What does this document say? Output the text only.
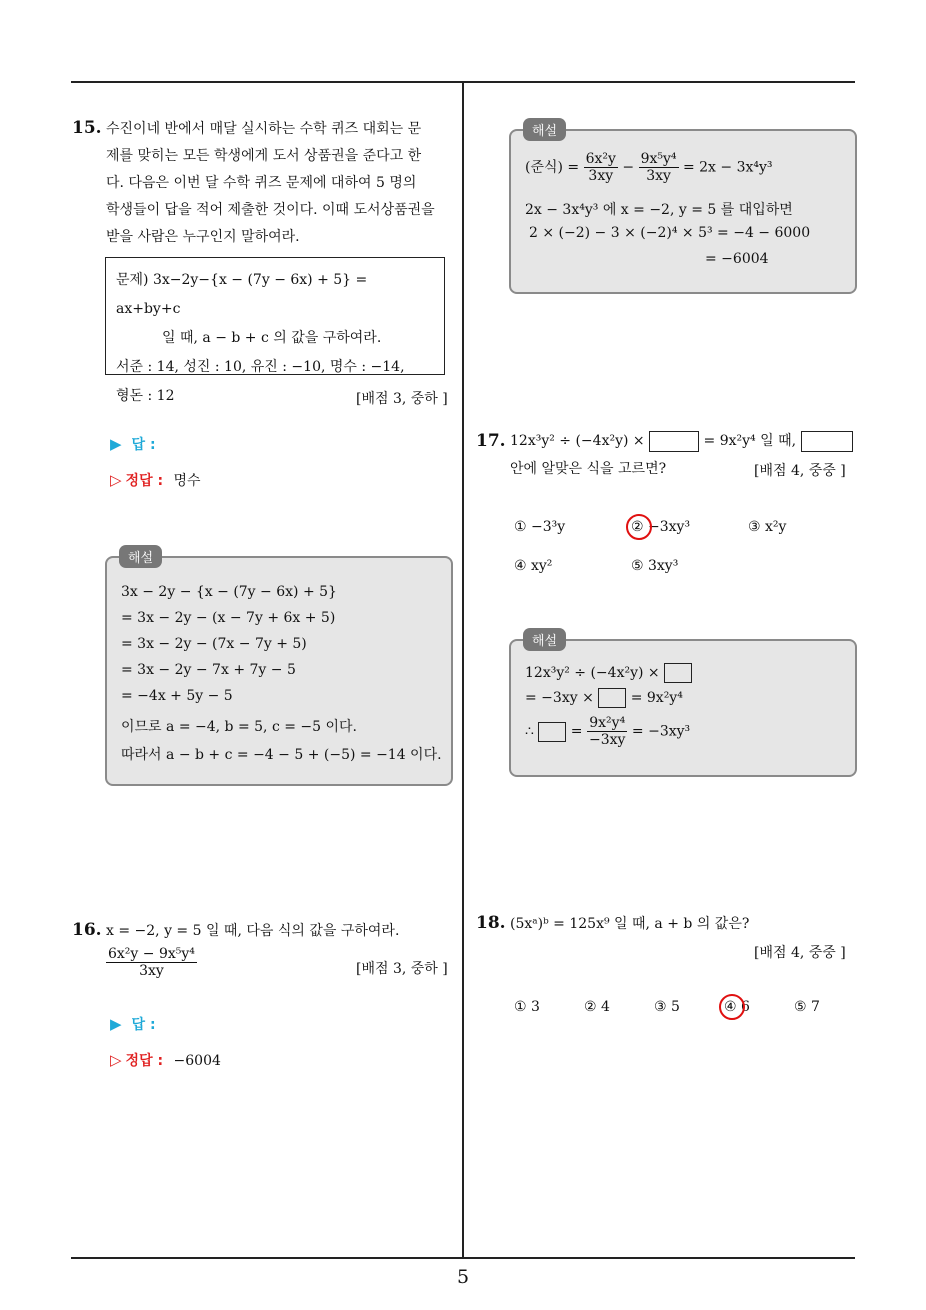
5
15. 수진이네 반에서 매달 실시하는 수학 퀴즈 대회는 문
제를 맞히는 모든 학생에게 도서 상품권을 준다고 한
다. 다음은 이번 달 수학 퀴즈 문제에 대하여 5 명의
학생들이 답을 적어 제출한 것이다. 이때 도서상품권을
받을 사람은 누구인지 말하여라.
문제) 3x−2y−{x − (7y − 6x) + 5} = ax+by+c
일 때, a − b + c 의 값을 구하여라.
서준 : 14, 성진 : 10, 유진 : −10, 명수 : −14,
형돈 : 12	[배점 3, 중하 ]
▶ 답 :
▷ 정답 : 명수
해설
3x − 2y − {x − (7y − 6x) + 5}
= 3x − 2y − (x − 7y + 6x + 5)
= 3x − 2y − (7x − 7y + 5)
= 3x − 2y − 7x + 7y − 5
= −4x + 5y − 5
이므로 a = −4, b = 5, c = −5 이다.
따라서 a − b + c = −4 − 5 + (−5) = −14 이다.
16. x = −2, y = 5 일 때, 다음 식의 값을 구하여라.
$\frac{\text{6x²y − 9x⁵y⁴}}{3xy}$	[배점 3, 중하 ]
▶ 답 :
▷ 정답 : −6004
해설
(준식) = $\frac{\text{6x²y}}{3xy} - \frac{\text{9x⁵y⁴}}{3xy} = 2x - 3x^4y^3$
2x − 3x⁴y³ 에 x = −2, y = 5 를 대입하면
2 × (−2) − 3 × (−2)⁴ × 5³ = −4 − 6000
= −6004
17. 12x³y² ÷ (−4x²y) ×	= 9x²y⁴ 일 때,
안에 알맞은 식을 고르면?	[배점 4, 중중 ]
① −3³y	② −3xy³	③ x²y
④ xy²	⑤ 3xy³
해설
12x³y² ÷ (−4x²y) ×
= −3xy ×  = 9x²y⁴
∴  = $\frac{\text{9x²y⁴}}{-3xy} = -3xy^3$
18. (5xᵃ)ᵇ = 125x⁹ 일 때, a + b 의 값은?
[배점 4, 중중 ]
① 3	② 4	③ 5	④ 6	⑤ 7
